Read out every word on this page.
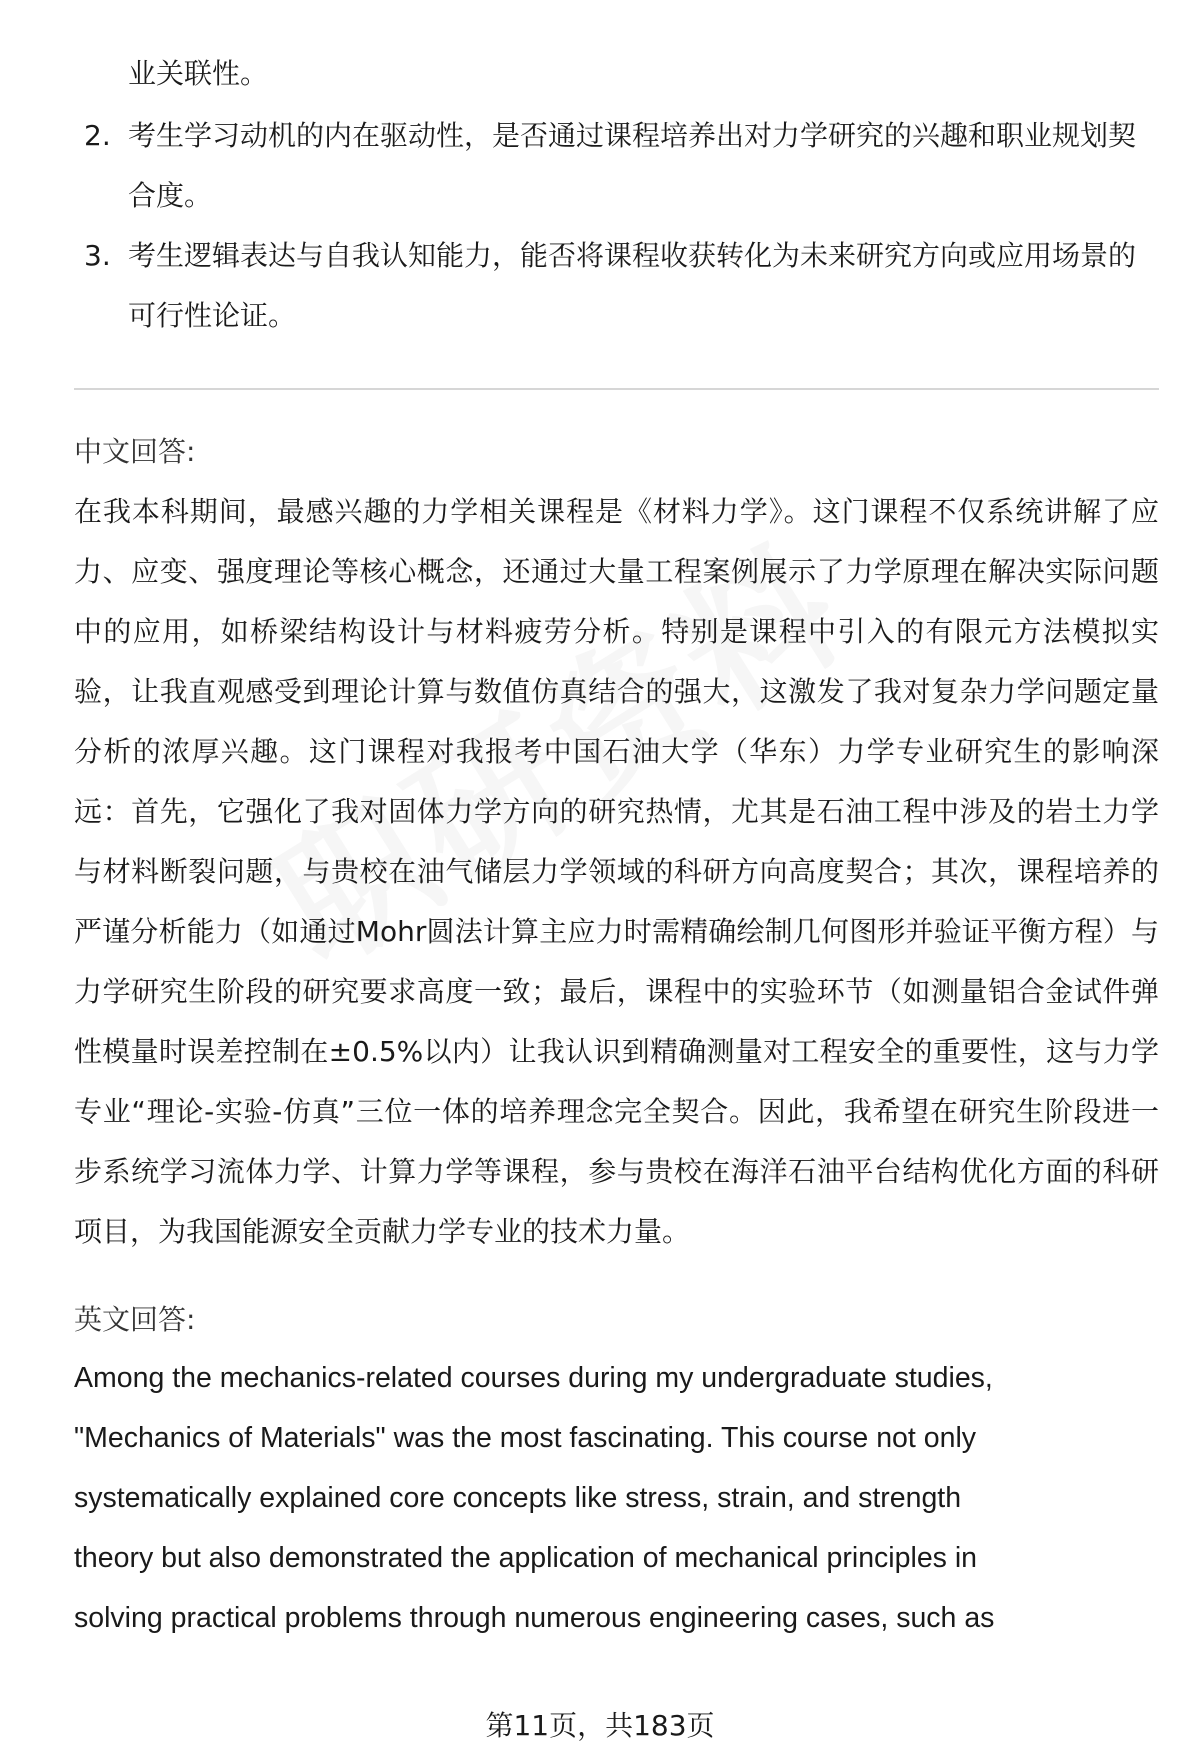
业关联性。
2. 考生学习动机的内在驱动性，是否通过课程培养出对力学研究的兴趣和职业规划契合度。
3. 考生逻辑表达与自我认知能力，能否将课程收获转化为未来研究方向或应用场景的可行性论证。
中文回答:
在我本科期间，最感兴趣的力学相关课程是《材料力学》。这门课程不仅系统讲解了应力、应变、强度理论等核心概念，还通过大量工程案例展示了力学原理在解决实际问题中的应用，如桥梁结构设计与材料疲劳分析。特别是课程中引入的有限元方法模拟实验，让我直观感受到理论计算与数值仿真结合的强大，这激发了我对复杂力学问题定量分析的浓厚兴趣。这门课程对我报考中国石油大学（华东）力学专业研究生的影响深远：首先，它强化了我对固体力学方向的研究热情，尤其是石油工程中涉及的岩土力学与材料断裂问题，与贵校在油气储层力学领域的科研方向高度契合；其次，课程培养的严谨分析能力（如通过Mohr圆法计算主应力时需精确绘制几何图形并验证平衡方程）与力学研究生阶段的研究要求高度一致；最后，课程中的实验环节（如测量铝合金试件弹性模量时误差控制在±0.5%以内）让我认识到精确测量对工程安全的重要性，这与力学专业“理论-实验-仿真”三位一体的培养理念完全契合。因此，我希望在研究生阶段进一步系统学习流体力学、计算力学等课程，参与贵校在海洋石油平台结构优化方面的科研项目，为我国能源安全贡献力学专业的技术力量。
英文回答:
Among the mechanics-related courses during my undergraduate studies,
"Mechanics of Materials" was the most fascinating. This course not only
systematically explained core concepts like stress, strain, and strength
theory but also demonstrated the application of mechanical principles in
solving practical problems through numerous engineering cases, such as
第11页，共183页
